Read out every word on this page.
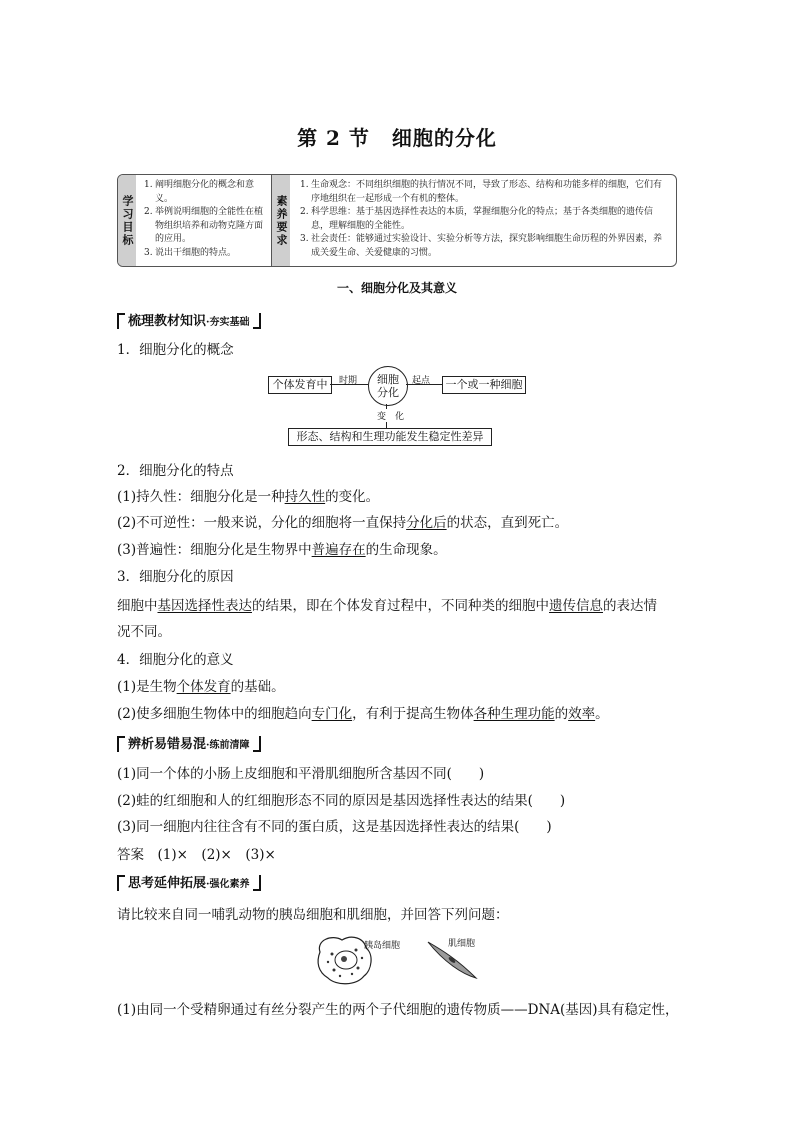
第 2 节 细胞的分化
学习目标
1. 阐明细胞分化的概念和意义。
2. 举例说明细胞的全能性在植物组织培养和动物克隆方面的应用。
3. 说出干细胞的特点。
素养要求
1. 生命观念：不同组织细胞的执行情况不同，导致了形态、结构和功能多样的细胞，它们有序地组织在一起形成一个有机的整体。
2. 科学思维：基于基因选择性表达的本质，掌握细胞分化的特点；基于各类细胞的遗传信息，理解细胞的全能性。
3. 社会责任：能够通过实验设计、实验分析等方法，探究影响细胞生命历程的外界因素，养成关爱生命、关爱健康的习惯。
一、细胞分化及其意义
梳理教材知识·夯实基础
1．细胞分化的概念
个体发育中	时期 细胞分化
起点	一个或一种细胞
变　化
形态、结构和生理功能发生稳定性差异
2．细胞分化的特点
(1)持久性：细胞分化是一种持久性的变化。
(2)不可逆性：一般来说，分化的细胞将一直保持分化后的状态，直到死亡。
(3)普遍性：细胞分化是生物界中普遍存在的生命现象。
3．细胞分化的原因
细胞中基因选择性表达的结果，即在个体发育过程中，不同种类的细胞中遗传信息的表达情
况不同。
4．细胞分化的意义
(1)是生物个体发育的基础。
(2)使多细胞生物体中的细胞趋向专门化，有利于提高生物体各种生理功能的效率。
辨析易错易混·练前清障
(1)同一个体的小肠上皮细胞和平滑肌细胞所含基因不同(　　)
(2)蛙的红细胞和人的红细胞形态不同的原因是基因选择性表达的结果(　　)
(3)同一细胞内往往含有不同的蛋白质，这是基因选择性表达的结果(　　)
答案　(1)×　(2)×　(3)×
思考延伸拓展·强化素养
请比较来自同一哺乳动物的胰岛细胞和肌细胞，并回答下列问题：
胰岛细胞	肌细胞
(1)由同一个受精卵通过有丝分裂产生的两个子代细胞的遗传物质——DNA(基因)具有稳定性，
